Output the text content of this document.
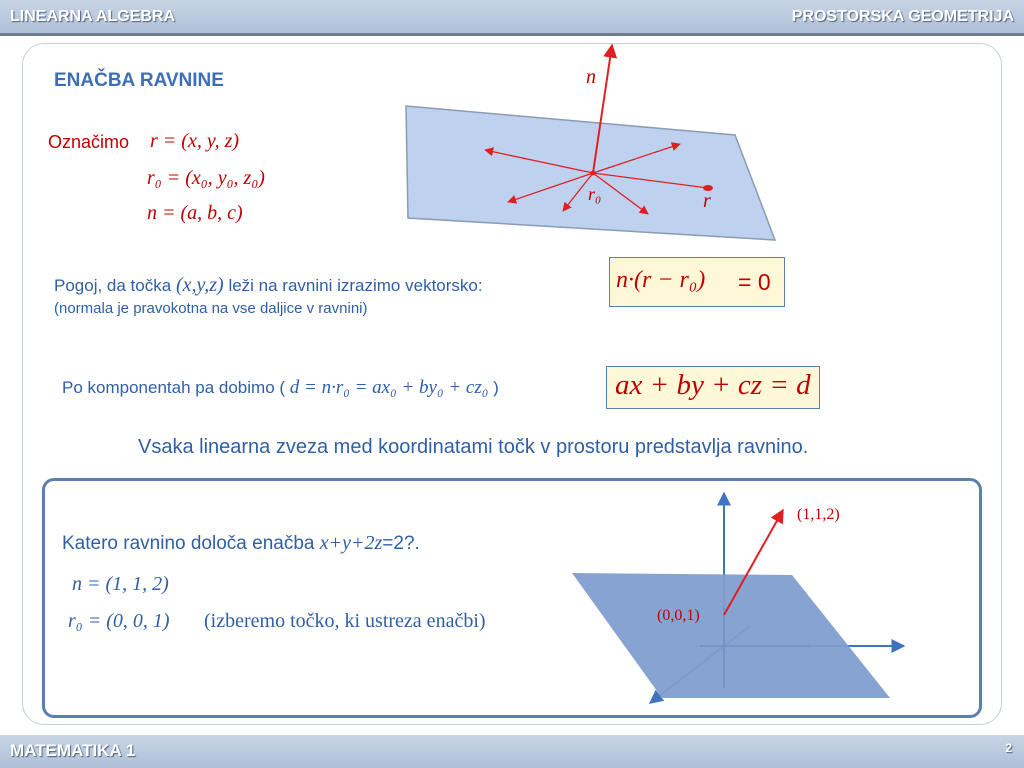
LINEARNA ALGEBRA	PROSTORSKA GEOMETRIJA
ENAČBA RAVNINE
Označimo r = (x, y, z)
r₀ = (x₀, y₀, z₀)
n = (a, b, c)
n
r₀	r
Pogoj, da točka (x,y,z) leži na ravnini izrazimo vektorsko:
(normala je pravokotna na vse daljice v ravnini)
n·(r − r₀) = 0
Po komponentah pa dobimo ( d = n·r₀ = ax₀ + by₀ + cz₀ )	ax + by + cz = d
Vsaka linearna zveza med koordinatami točk v prostoru predstavlja ravnino.
Katero ravnino določa enačba x+y+2z=2?.
n = (1, 1, 2)
r₀ = (0, 0, 1) (izberemo točko, ki ustreza enačbi)
(1,1,2)
(0,0,1)
MATEMATIKA 1	2
